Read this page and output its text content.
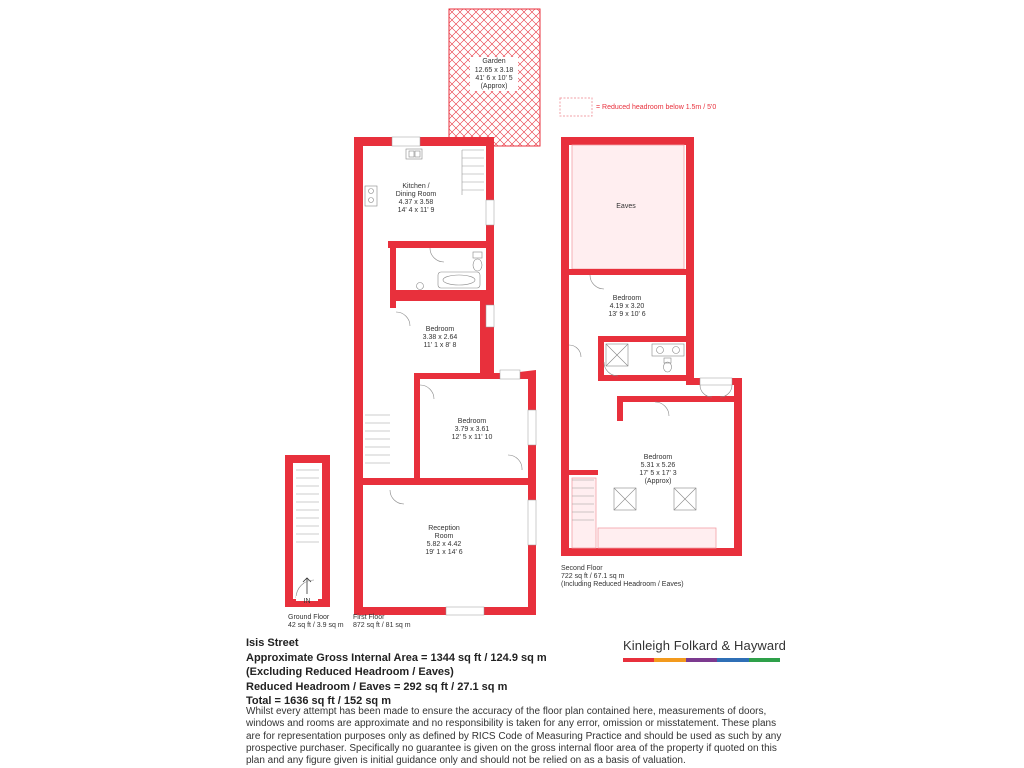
Garden
12.65 x 3.18
41' 6 x 10' 5
(Approx)
= Reduced headroom below 1.5m / 5'0
IN
Kitchen /
Dining Room
4.37 x 3.58
14' 4 x 11' 9
Bedroom
3.38 x 2.64
11' 1 x 8' 8
Bedroom
3.79 x 3.61
12' 5 x 11' 10
Reception
Room
5.82 x 4.42
19' 1 x 14' 6
Eaves
Bedroom
4.19 x 3.20
13' 9 x 10' 6
Bedroom
5.31 x 5.26
17' 5 x 17' 3
(Approx)
Ground Floor
42 sq ft / 3.9 sq m
First Floor
872 sq ft / 81 sq m
Second Floor
722 sq ft / 67.1 sq m
(Including Reduced Headroom / Eaves)
Isis Street
Approximate Gross Internal Area = 1344 sq ft / 124.9 sq m
(Excluding Reduced Headroom / Eaves)
Reduced Headroom / Eaves = 292 sq ft / 27.1 sq m
Total = 1636 sq ft / 152 sq m
Whilst every attempt has been made to ensure the accuracy of the floor plan contained here, measurements of doors, windows and rooms are approximate and no responsibility is taken for any error, omission or misstatement. These plans are for representation purposes only as defined by RICS Code of Measuring Practice and should be used as such by any prospective purchaser. Specifically no guarantee is given on the gross internal floor area of the property if quoted on this plan and any figure given is initial guidance only and should not be relied on as a basis of valuation.
Kinleigh Folkard & Hayward
